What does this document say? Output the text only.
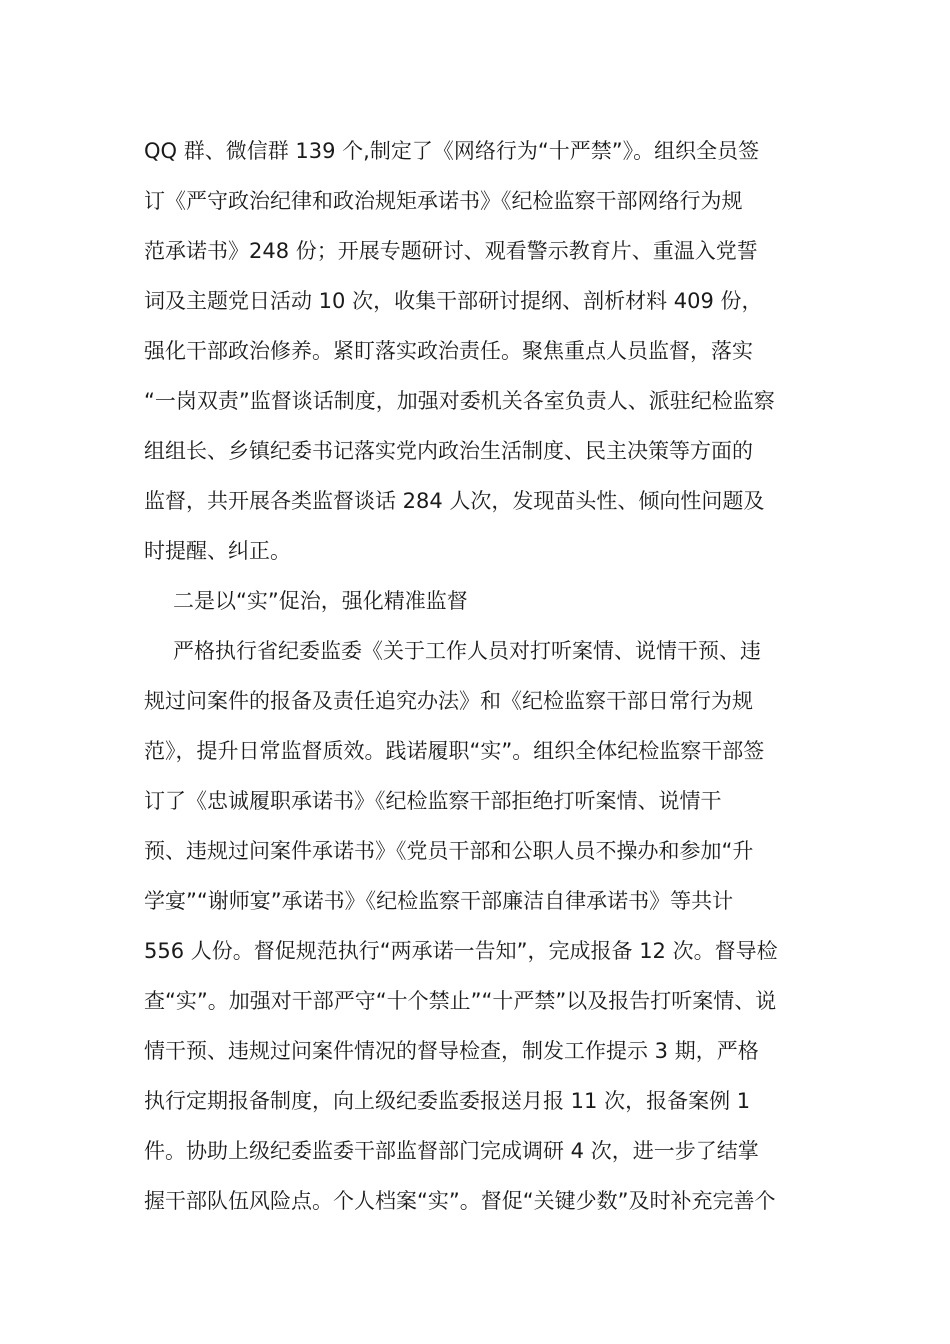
QQ 群、微信群 139 个,制定了《网络行为“十严禁”》。组织全员签
订《严守政治纪律和政治规矩承诺书》《纪检监察干部网络行为规
范承诺书》248 份；开展专题研讨、观看警示教育片、重温入党誓
词及主题党日活动 10 次，收集干部研讨提纲、剖析材料 409 份，
强化干部政治修养。紧盯落实政治责任。聚焦重点人员监督，落实
“一岗双责”监督谈话制度，加强对委机关各室负责人、派驻纪检监察
组组长、乡镇纪委书记落实党内政治生活制度、民主决策等方面的
监督，共开展各类监督谈话 284 人次，发现苗头性、倾向性问题及
时提醒、纠正。
二是以“实”促治，强化精准监督
严格执行省纪委监委《关于工作人员对打听案情、说情干预、违
规过问案件的报备及责任追究办法》和《纪检监察干部日常行为规
范》，提升日常监督质效。践诺履职“实”。组织全体纪检监察干部签
订了《忠诚履职承诺书》《纪检监察干部拒绝打听案情、说情干
预、违规过问案件承诺书》《党员干部和公职人员不操办和参加“升
学宴”“谢师宴”承诺书》《纪检监察干部廉洁自律承诺书》等共计
556 人份。督促规范执行“两承诺一告知”，完成报备 12 次。督导检
查“实”。加强对干部严守“十个禁止”“十严禁”以及报告打听案情、说
情干预、违规过问案件情况的督导检查，制发工作提示 3 期，严格
执行定期报备制度，向上级纪委监委报送月报 11 次，报备案例 1
件。协助上级纪委监委干部监督部门完成调研 4 次，进一步了结掌
握干部队伍风险点。个人档案“实”。督促“关键少数”及时补充完善个
